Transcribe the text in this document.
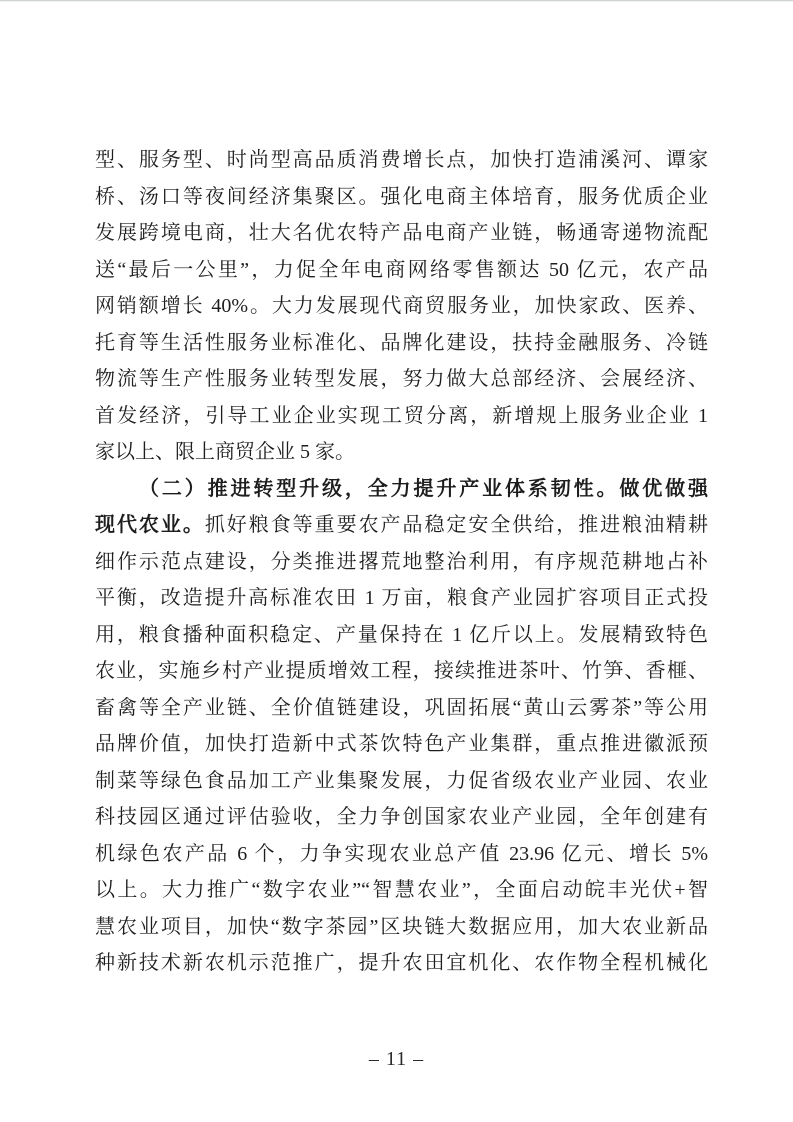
型、服务型、时尚型高品质消费增长点，加快打造浦溪河、谭家
桥、汤口等夜间经济集聚区。强化电商主体培育，服务优质企业
发展跨境电商，壮大名优农特产品电商产业链，畅通寄递物流配
送“最后一公里”，力促全年电商网络零售额达 50 亿元，农产品
网销额增长 40%。大力发展现代商贸服务业，加快家政、医养、
托育等生活性服务业标准化、品牌化建设，扶持金融服务、冷链
物流等生产性服务业转型发展，努力做大总部经济、会展经济、
首发经济，引导工业企业实现工贸分离，新增规上服务业企业 1
家以上、限上商贸企业 5 家。
（二）推进转型升级，全力提升产业体系韧性。做优做强
现代农业。抓好粮食等重要农产品稳定安全供给，推进粮油精耕
细作示范点建设，分类推进撂荒地整治利用，有序规范耕地占补
平衡，改造提升高标准农田 1 万亩，粮食产业园扩容项目正式投
用，粮食播种面积稳定、产量保持在 1 亿斤以上。发展精致特色
农业，实施乡村产业提质增效工程，接续推进茶叶、竹笋、香榧、
畜禽等全产业链、全价值链建设，巩固拓展“黄山云雾茶”等公用
品牌价值，加快打造新中式茶饮特色产业集群，重点推进徽派预
制菜等绿色食品加工产业集聚发展，力促省级农业产业园、农业
科技园区通过评估验收，全力争创国家农业产业园，全年创建有
机绿色农产品 6 个，力争实现农业总产值 23.96 亿元、增长 5%
以上。大力推广“数字农业”“智慧农业”，全面启动皖丰光伏+智
慧农业项目，加快“数字茶园”区块链大数据应用，加大农业新品
种新技术新农机示范推广，提升农田宜机化、农作物全程机械化
– 11 –
